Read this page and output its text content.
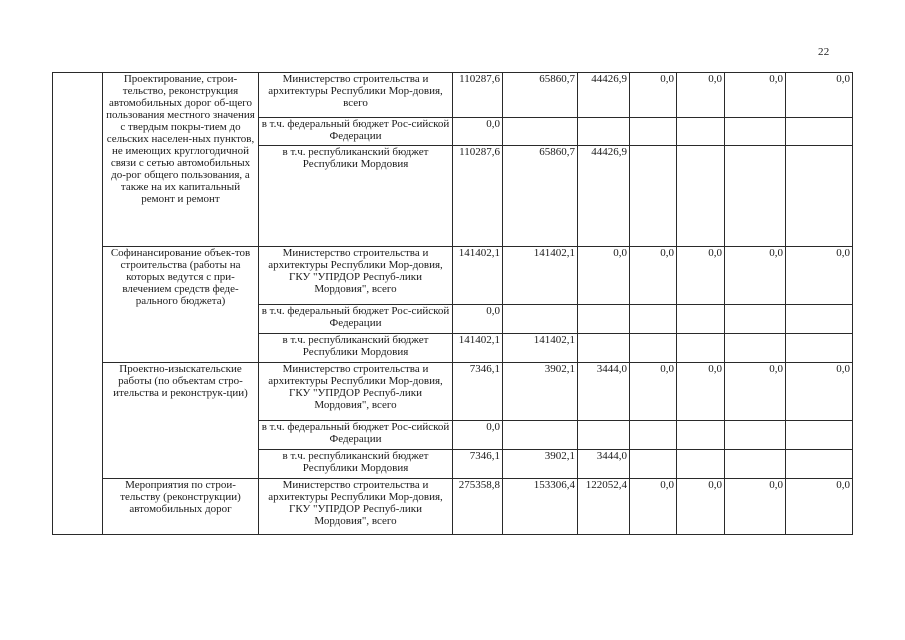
22
	Проектирование, строи-тельство, реконструкция автомобильных дорог об-щего пользования местного значения с твердым покры-тием до сельских населен-ных пунктов, не имеющих круглогодичной связи с сетью автомобильных до-рог общего пользования, а также на их капитальный ремонт и ремонт	Министерство строительства и архитектуры Республики Мор-довия, всего	110287,6	65860,7	44426,9	0,0	0,0	0,0	0,0
		в т.ч. федеральный бюджет Рос-сийской Федерации	0,0						
		в т.ч. республиканский бюджет Республики Мордовия	110287,6	65860,7	44426,9				
	Софинансирование объек-тов строительства (работы на которых ведутся с при-влечением средств феде-рального бюджета)	Министерство строительства и архитектуры Республики Мор-довия, ГКУ "УПРДОР Респуб-лики Мордовия", всего	141402,1	141402,1	0,0	0,0	0,0	0,0	0,0
		в т.ч. федеральный бюджет Рос-сийской Федерации	0,0						
		в т.ч. республиканский бюджет Республики Мордовия	141402,1	141402,1					
	Проектно-изыскательские работы (по объектам стро-ительства и реконструк-ции)	Министерство строительства и архитектуры Республики Мор-довия, ГКУ "УПРДОР Респуб-лики Мордовия", всего	7346,1	3902,1	3444,0	0,0	0,0	0,0	0,0
		в т.ч. федеральный бюджет Рос-сийской Федерации	0,0						
		в т.ч. республиканский бюджет Республики Мордовия	7346,1	3902,1	3444,0				
	Мероприятия по строи-тельству (реконструкции) автомобильных дорог	Министерство строительства и архитектуры Республики Мор-довия, ГКУ "УПРДОР Респуб-лики Мордовия", всего	275358,8	153306,4	122052,4	0,0	0,0	0,0	0,0
